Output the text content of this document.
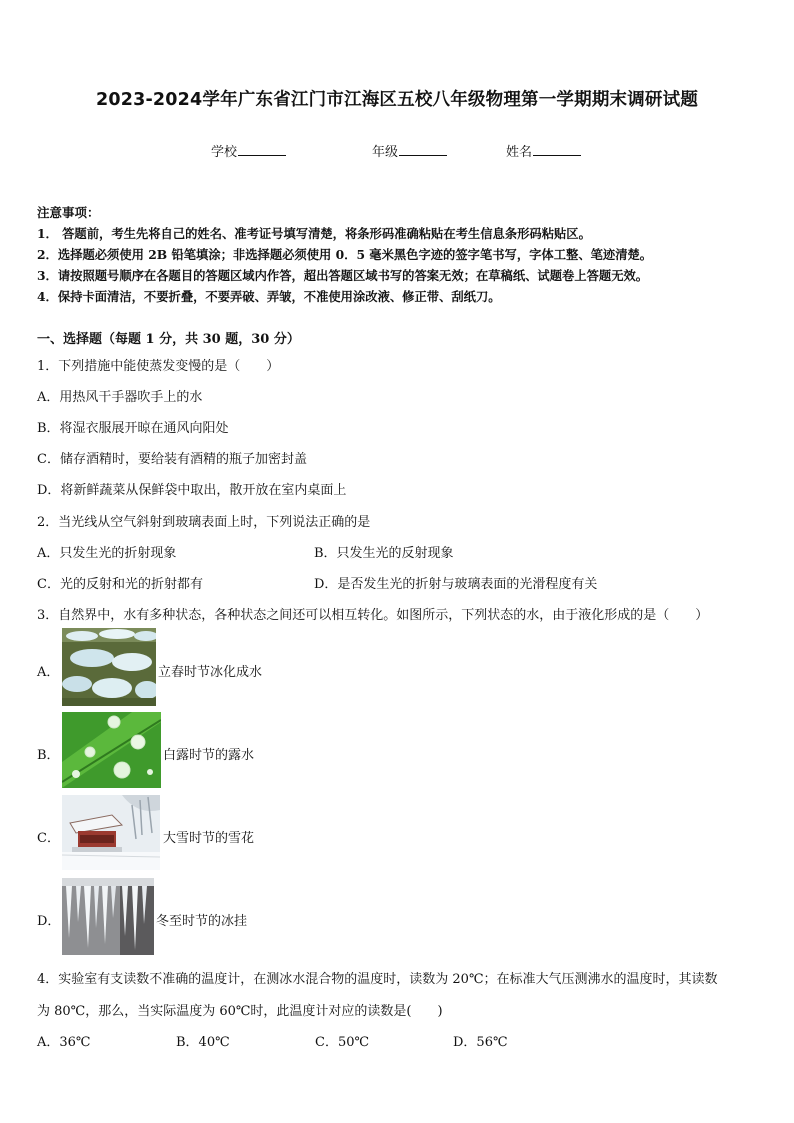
2023-2024学年广东省江门市江海区五校八年级物理第一学期期末调研试题
学校	年级	姓名
注意事项：
1． 答题前，考生先将自己的姓名、准考证号填写清楚，将条形码准确粘贴在考生信息条形码粘贴区。
2．选择题必须使用 2B 铅笔填涂；非选择题必须使用 0．5 毫米黑色字迹的签字笔书写，字体工整、笔迹清楚。
3．请按照题号顺序在各题目的答题区域内作答，超出答题区域书写的答案无效；在草稿纸、试题卷上答题无效。
4．保持卡面清洁，不要折叠，不要弄破、弄皱，不准使用涂改液、修正带、刮纸刀。
一、选择题（每题 1 分，共 30 题，30 分）
1．下列措施中能使蒸发变慢的是（　　）
A．用热风干手器吹手上的水
B．将湿衣服展开晾在通风向阳处
C．储存酒精时，要给装有酒精的瓶子加密封盖
D．将新鲜蔬菜从保鲜袋中取出，散开放在室内桌面上
2．当光线从空气斜射到玻璃表面上时，下列说法正确的是
A．只发生光的折射现象	B．只发生光的反射现象
C．光的反射和光的折射都有	D．是否发生光的折射与玻璃表面的光滑程度有关
3．自然界中，水有多种状态，各种状态之间还可以相互转化。如图所示，下列状态的水，由于液化形成的是（　　）
A．	立春时节冰化成水
B．	白露时节的露水
C．	大雪时节的雪花
D．	冬至时节的冰挂
4．实验室有支读数不准确的温度计，在测冰水混合物的温度时，读数为 20℃；在标准大气压测沸水的温度时，其读数
为 80℃，那么，当实际温度为 60℃时，此温度计对应的读数是(　　)
A．36℃	B．40℃	C．50℃	D．56℃
